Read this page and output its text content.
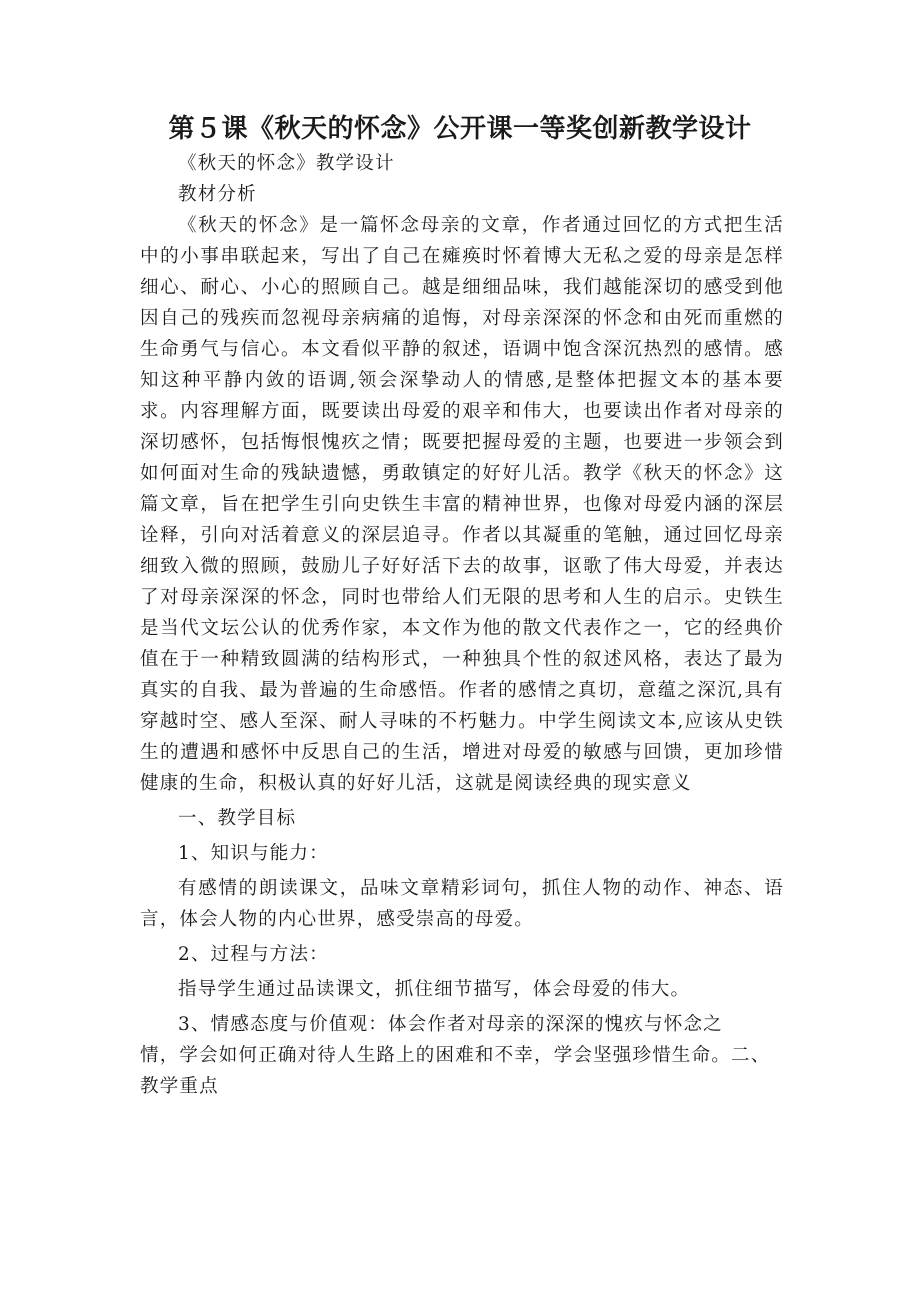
第５课《秋天的怀念》公开课一等奖创新教学设计

《秋天的怀念》教学设计

教材分析

《秋天的怀念》是一篇怀念母亲的文章，作者通过回忆的方式把生活中的小事串联起来，写出了自己在瘫痪时怀着博大无私之爱的母亲是怎样细心、耐心、小心的照顾自己。越是细细品味，我们越能深切的感受到他因自己的残疾而忽视母亲病痛的追悔，对母亲深深的怀念和由死而重燃的生命勇气与信心。本文看似平静的叙述，语调中饱含深沉热烈的感情。感知这种平静内敛的语调,领会深挚动人的情感,是整体把握文本的基本要求。内容理解方面，既要读出母爱的艰辛和伟大，也要读出作者对母亲的深切感怀，包括悔恨愧疚之情；既要把握母爱的主题，也要进一步领会到如何面对生命的残缺遗憾，勇敢镇定的好好儿活。教学《秋天的怀念》这篇文章，旨在把学生引向史铁生丰富的精神世界，也像对母爱内涵的深层诠释，引向对活着意义的深层追寻。作者以其凝重的笔触，通过回忆母亲细致入微的照顾，鼓励儿子好好活下去的故事，讴歌了伟大母爱，并表达了对母亲深深的怀念，同时也带给人们无限的思考和人生的启示。史铁生是当代文坛公认的优秀作家，本文作为他的散文代表作之一，它的经典价值在于一种精致圆满的结构形式，一种独具个性的叙述风格，表达了最为真实的自我、最为普遍的生命感悟。作者的感情之真切，意蕴之深沉,具有穿越时空、感人至深、耐人寻味的不朽魅力。中学生阅读文本,应该从史铁生的遭遇和感怀中反思自己的生活，增进对母爱的敏感与回馈，更加珍惜健康的生命，积极认真的好好儿活，这就是阅读经典的现实意义

一、教学目标

1、知识与能力：

有感情的朗读课文，品味文章精彩词句，抓住人物的动作、神态、语言，体会人物的内心世界，感受崇高的母爱。

2、过程与方法：

指导学生通过品读课文，抓住细节描写，体会母爱的伟大。

3、情感态度与价值观：体会作者对母亲的深深的愧疚与怀念之

情，学会如何正确对待人生路上的困难和不幸，学会坚强珍惜生命。二、

教学重点
